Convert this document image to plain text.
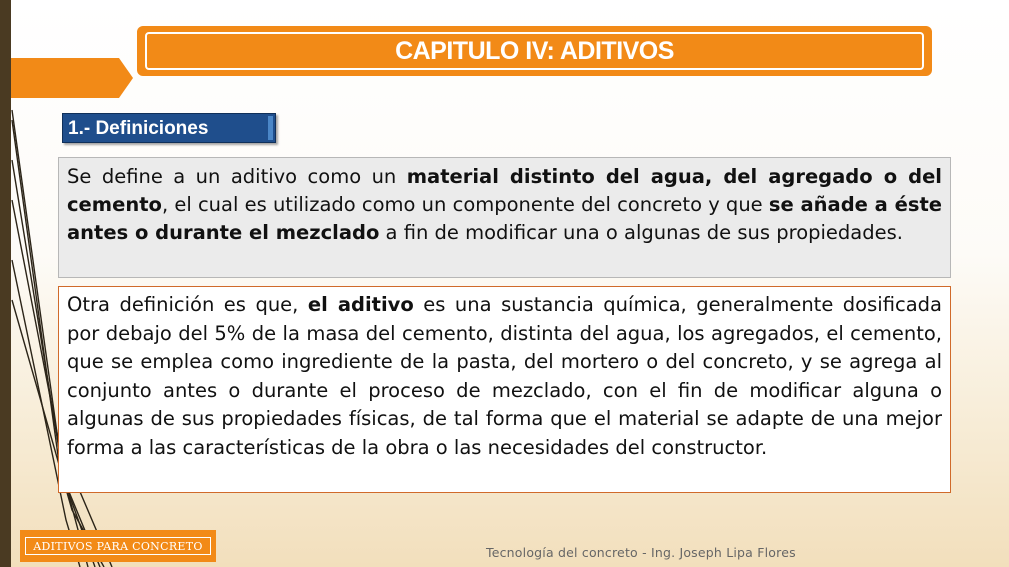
CAPITULO IV: ADITIVOS
1.- Definiciones

Se define a un aditivo como un material distinto del agua, del agregado o del cemento, el cual es utilizado como un componente del concreto y que se añade a éste antes o durante el mezclado a fin de modificar una o algunas de sus propiedades.

Otra definición es que, el aditivo es una sustancia química, generalmente dosificada por debajo del 5% de la masa del cemento, distinta del agua, los agregados, el cemento, que se emplea como ingrediente de la pasta, del mortero o del concreto, y se agrega al conjunto antes o durante el proceso de mezclado, con el fin de modificar alguna o algunas de sus propiedades físicas, de tal forma que el material se adapte de una mejor forma a las características de la obra o las necesidades del constructor.

ADITIVOS PARA CONCRETO	Tecnología del concreto - Ing. Joseph Lipa Flores
